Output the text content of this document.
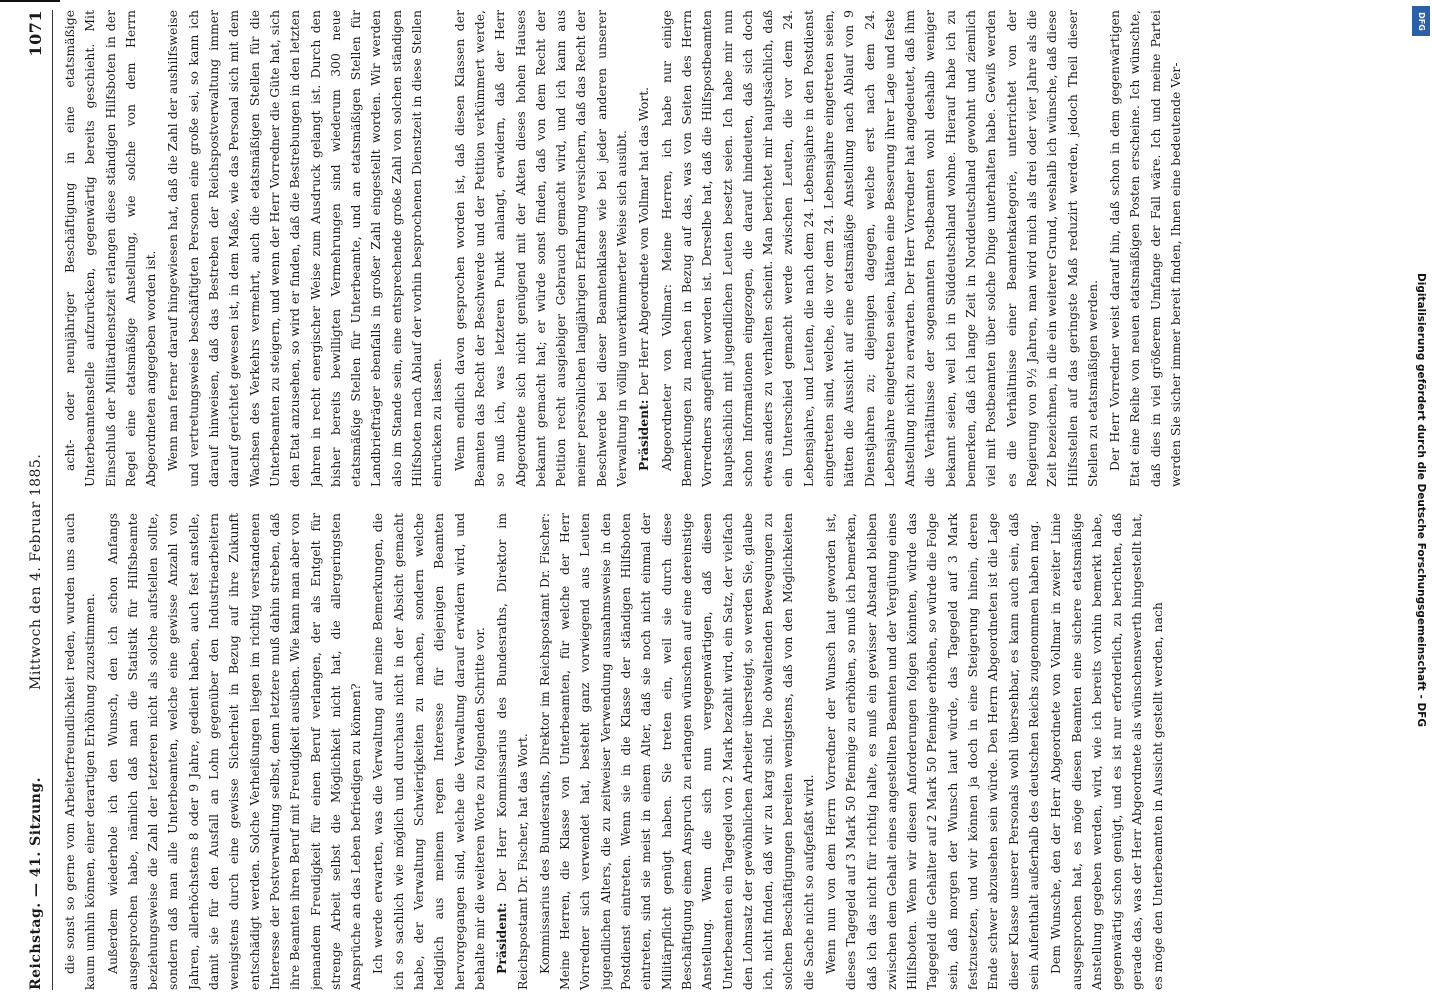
Reichstag. — 41. Sitzung.
Mittwoch den 4. Februar 1885.
1071

die sonst so gerne vom Arbeiterfreundlichkeit reden, wurden uns auch kaum umhin können, einer derartigen Erhöhung zuzustimmen. Außerdem wiederhole ich den Wunsch, den ich schon Anfangs ausgesprochen habe, nämlich daß man die Statistik für Hilfsbeamte beziehungsweise die Zahl der letzteren nicht als solche aufstellen sollte, sondern daß man alle Unterbeamten, welche eine gewisse Anzahl von Jahren, allerhöchstens 8 oder 9 Jahre, gedient haben, auch fest anstelle, damit sie für den Ausfall an Lohn gegenüber den Industriearbeitern wenigstens durch eine gewisse Sicherheit in Bezug auf ihre Zukunft entschädigt werden. Solche Verheißungen liegen im richtig verstandenen Interesse der Postverwaltung selbst, denn letztere muß dahin streben, daß ihre Beamten ihren Beruf mit Freudigkeit ausüben. Wie kann man aber von jemandem Freudigkeit für einen Beruf verlangen, der als Entgelt für strenge Arbeit selbst die Möglichkeit nicht hat, die allergeringsten Ansprüche an das Leben befriedigen zu können? Ich werde erwarten, was die Verwaltung auf meine Bemerkungen, die ich so sachlich wie möglich und durchaus nicht in der Absicht gemacht habe, der Verwaltung Schwierigkeiten zu machen, sondern welche lediglich aus meinem regen Interesse für diejenigen Beamten hervorgegangen sind, welche die Verwaltung darauf erwidern wird, und behalte mir die weiteren Worte zu folgenden Schritte vor. Präsident: Der Herr Kommissarius des Bundesraths, Direktor im Reichspostamt Dr. Fischer, hat das Wort. Kommissarius des Bundesraths, Direktor im Reichspostamt Dr. Fischer: Meine Herren, die Klasse von Unterbeamten, für welche der Herr Vorredner sich verwendet hat, besteht ganz vorwiegend aus Leuten jugendlichen Alters, die zu zeitweiser Verwendung ausnahmsweise in den Postdienst eintreten. Wenn sie in die Klasse der ständigen Hilfsboten eintreten, sind sie meist in einem Alter, daß sie noch nicht einmal der Militärpflicht genügt haben. Sie treten ein, weil sie durch diese Beschäftigung einen Anspruch zu erlangen wünschen auf eine dereinstige Anstellung. Wenn die sich nun vergegenwärtigen, daß diesen Unterbeamten ein Tagegeld von 2 Mark bezahlt wird, ein Satz, der vielfach den Lohnsatz der gewöhnlichen Arbeiter übersteigt, so werden Sie, glaube ich, nicht finden, daß wir zu karg sind. Die obwaltenden Bewegungen zu solchen Beschäftigungen bereiten wenigstens, daß von den Möglichkeiten die Sache nicht so aufgefaßt wird. Wenn nun von dem Herrn Vorredner der Wunsch laut geworden ist, dieses Tagegeld auf 3 Mark 50 Pfennige zu erhöhen, so muß ich bemerken, daß ich das nicht für richtig halte, es muß ein gewisser Abstand bleiben zwischen dem Gehalt eines angestellten Beamten und der Vergütung eines Hilfsboten. Wenn wir diesen Anforderungen folgen könnten, würde das Tagegeld die Gehälter auf 2 Mark 50 Pfennige erhöhen, so würde die Folge sein, daß morgen der Wunsch laut würde, das Tagegeld auf 3 Mark festzusetzen, und wir können ja doch in eine Steigerung hinein, deren Ende schwer abzusehen sein würde. Den Herrn Abgeordneten ist die Lage dieser Klasse unserer Personals wohl übersehbar, es kann auch sein, daß sein Aufenthalt außerhalb des deutschen Reichs zugenommen haben mag. Dem Wunsche, den der Herr Abgeordnete von Vollmar in zweiter Linie ausgesprochen hat, es möge diesen Beamten eine sichere etatsmäßige Anstellung gegeben werden, wird, wie ich bereits vorhin bemerkt habe, gegenwärtig schon genügt, und es ist nur erforderlich, zu berichten, daß gerade das, was der Herr Abgeordnete als wünschenswerth hingestellt hat, es möge den Unterbeamten in Aussicht gestellt werden, nach

acht- oder neunjähriger Beschäftigung in eine etatsmäßige Unterbeamtenstelle aufzurücken, gegenwärtig bereits geschieht. Mit Einschluß der Militärdienstzeit erlangen diese ständigen Hilfsboten in der Regel eine etatsmäßige Anstellung, wie solche von dem Herrn Abgeordneten angegeben worden ist. Wenn man ferner darauf hingewiesen hat, daß die Zahl der aushilfsweise und vertretungsweise beschäftigten Personen eine große sei, so kann ich darauf hinweisen, daß das Bestreben der Reichspostverwaltung immer darauf gerichtet gewesen ist, in dem Maße, wie das Personal sich mit dem Wachsen des Verkehrs vermehrt, auch die etatsmäßigen Stellen für die Unterbeamten zu steigern, und wenn der Herr Vorredner die Güte hat, sich den Etat anzusehen, so wird er finden, daß die Bestrebungen in den letzten Jahren in recht energischer Weise zum Ausdruck gelangt ist. Durch den bisher bereits bewilligten Vermehrungen sind wiederum 300 neue etatsmäßige Stellen für Unterbeamte, und an etatsmäßigen Stellen für Landbriefträger ebenfalls in großer Zahl eingestellt worden. Wir werden also im Stande sein, eine entsprechende große Zahl von solchen ständigen Hilfsboten nach Ablauf der vorhin besprochenen Dienstzeit in diese Stellen einrücken zu lassen. Wenn endlich davon gesprochen worden ist, daß diesen Klassen der Beamten das Recht der Beschwerde und der Petition verkümmert werde, so muß ich, was letzteren Punkt anlangt, erwidern, daß der Herr Abgeordnete sich nicht genügend mit der Akten dieses hohen Hauses bekannt gemacht hat; er würde sonst finden, daß von dem Recht der Petition recht ausgiebiger Gebrauch gemacht wird, und ich kann aus meiner persönlichen langjährigen Erfahrung versichern, daß das Recht der Beschwerde bei dieser Beamtenklasse wie bei jeder anderen unserer Verwaltung in völlig unverkümmerter Weise sich ausübt. Präsident: Der Herr Abgeordnete von Vollmar hat das Wort. Abgeordneter von Vollmar: Meine Herren, ich habe nur einige Bemerkungen zu machen in Bezug auf das, was von Seiten des Herrn Vorredners angeführt worden ist. Derselbe hat, daß die Hilfspostbeamten hauptsächlich mit jugendlichen Leuten besetzt seien. Ich habe mir nun schon Informationen eingezogen, die darauf hindeuten, daß sich doch etwas anders zu verhalten scheint. Man berichtet mir hauptsächlich, daß ein Unterschied gemacht werde zwischen Leuten, die vor dem 24. Lebensjahre, und Leuten, die nach dem 24. Lebensjahre in den Postdienst eingetreten sind, welche, die vor dem 24. Lebensjahre eingetreten seien, hätten die Aussicht auf eine etatsmäßige Anstellung nach Ablauf von 9 Dienstjahren zu; diejenigen dagegen, welche erst nach dem 24. Lebensjahre eingetreten seien, hätten eine Besserung ihrer Lage und feste Anstellung nicht zu erwarten. Der Herr Vorredner hat angedeutet, daß ihm die Verhältnisse der sogenannten Postbeamten wohl deshalb weniger bekannt seien, weil ich in Süddeutschland wohne. Hierauf habe ich zu bemerken, daß ich lange Zeit in Norddeutschland gewohnt und ziemlich viel mit Postbeamten über solche Dinge unterhalten habe. Gewiß werden es die Verhältnisse einer Beamtenkategorie, unterrichtet von der Regierung von 9½ Jahren, man wird mich als drei oder vier Jahre als die Zeit bezeichnen, in die ein weiterer Grund, weshalb ich wünsche, daß diese Hilfsstellen auf das geringste Maß reduzirt werden, jedoch Theil dieser Stellen zu etatsmäßigen werden. Der Herr Vorredner weist darauf hin, daß schon in dem gegenwärtigen Etat eine Reihe von neuen etatsmäßigen Posten erscheine. Ich wünschte, daß dies in viel größerem Umfange der Fall wäre. Ich und meine Partei werden Sie sicher immer bereit finden, Ihnen eine bedeutende Ver-	Digitalisierung gefördert durch die Deutsche Forschungsgemeinschaft - DFG
DFG
